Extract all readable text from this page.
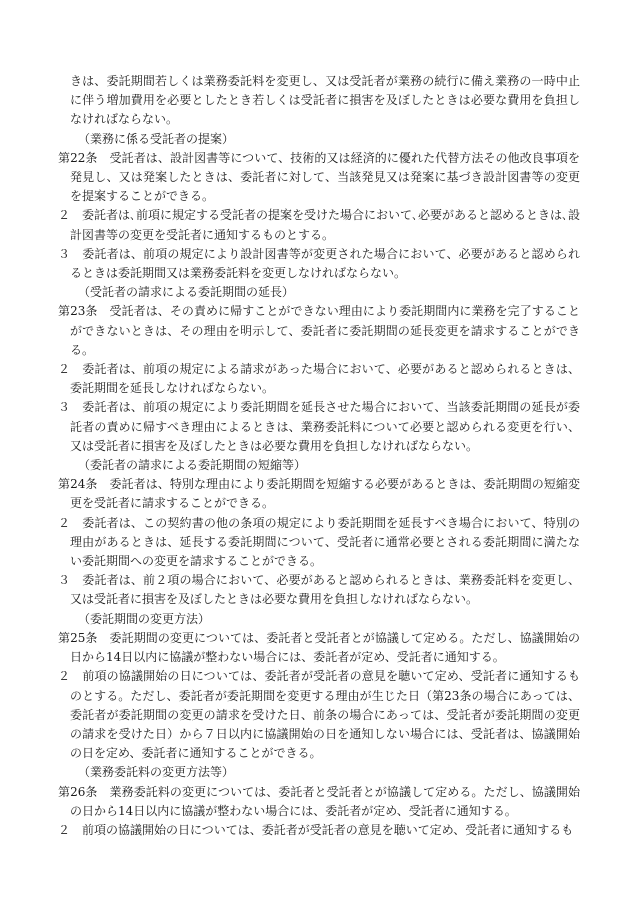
きは、委託期間若しくは業務委託料を変更し、又は受託者が業務の続行に備え業務の一時中止に伴う増加費用を必要としたとき若しくは受託者に損害を及ぼしたときは必要な費用を負担しなければならない。

（業務に係る受託者の提案）

第22条　受託者は、設計図書等について、技術的又は経済的に優れた代替方法その他改良事項を発見し、又は発案したときは、委託者に対して、当該発見又は発案に基づき設計図書等の変更を提案することができる。

２　委託者は､前項に規定する受託者の提案を受けた場合において､必要があると認めるときは､設計図書等の変更を受託者に通知するものとする。

３　委託者は、前項の規定により設計図書等が変更された場合において、必要があると認められるときは委託期間又は業務委託料を変更しなければならない。

（受託者の請求による委託期間の延長）

第23条　受託者は、その責めに帰すことができない理由により委託期間内に業務を完了することができないときは、その理由を明示して、委託者に委託期間の延長変更を請求することができる。

２　委託者は、前項の規定による請求があった場合において、必要があると認められるときは、委託期間を延長しなければならない。

３　委託者は、前項の規定により委託期間を延長させた場合において、当該委託期間の延長が委託者の責めに帰すべき理由によるときは、業務委託料について必要と認められる変更を行い、又は受託者に損害を及ぼしたときは必要な費用を負担しなければならない。

（委託者の請求による委託期間の短縮等）

第24条　委託者は、特別な理由により委託期間を短縮する必要があるときは、委託期間の短縮変更を受託者に請求することができる。

２　委託者は、この契約書の他の条項の規定により委託期間を延長すべき場合において、特別の理由があるときは、延長する委託期間について、受託者に通常必要とされる委託期間に満たない委託期間への変更を請求することができる。

３　委託者は、前２項の場合において、必要があると認められるときは、業務委託料を変更し、又は受託者に損害を及ぼしたときは必要な費用を負担しなければならない。

（委託期間の変更方法）

第25条　委託期間の変更については、委託者と受託者とが協議して定める。ただし、協議開始の日から14日以内に協議が整わない場合には、委託者が定め、受託者に通知する。

２　前項の協議開始の日については、委託者が受託者の意見を聴いて定め、受託者に通知するものとする。ただし、委託者が委託期間を変更する理由が生じた日（第23条の場合にあっては、委託者が委託期間の変更の請求を受けた日、前条の場合にあっては、受託者が委託期間の変更の請求を受けた日）から７日以内に協議開始の日を通知しない場合には、受託者は、協議開始の日を定め、委託者に通知することができる。

（業務委託料の変更方法等）

第26条　業務委託料の変更については、委託者と受託者とが協議して定める。ただし、協議開始の日から14日以内に協議が整わない場合には、委託者が定め、受託者に通知する。

２　前項の協議開始の日については、委託者が受託者の意見を聴いて定め、受託者に通知するも
